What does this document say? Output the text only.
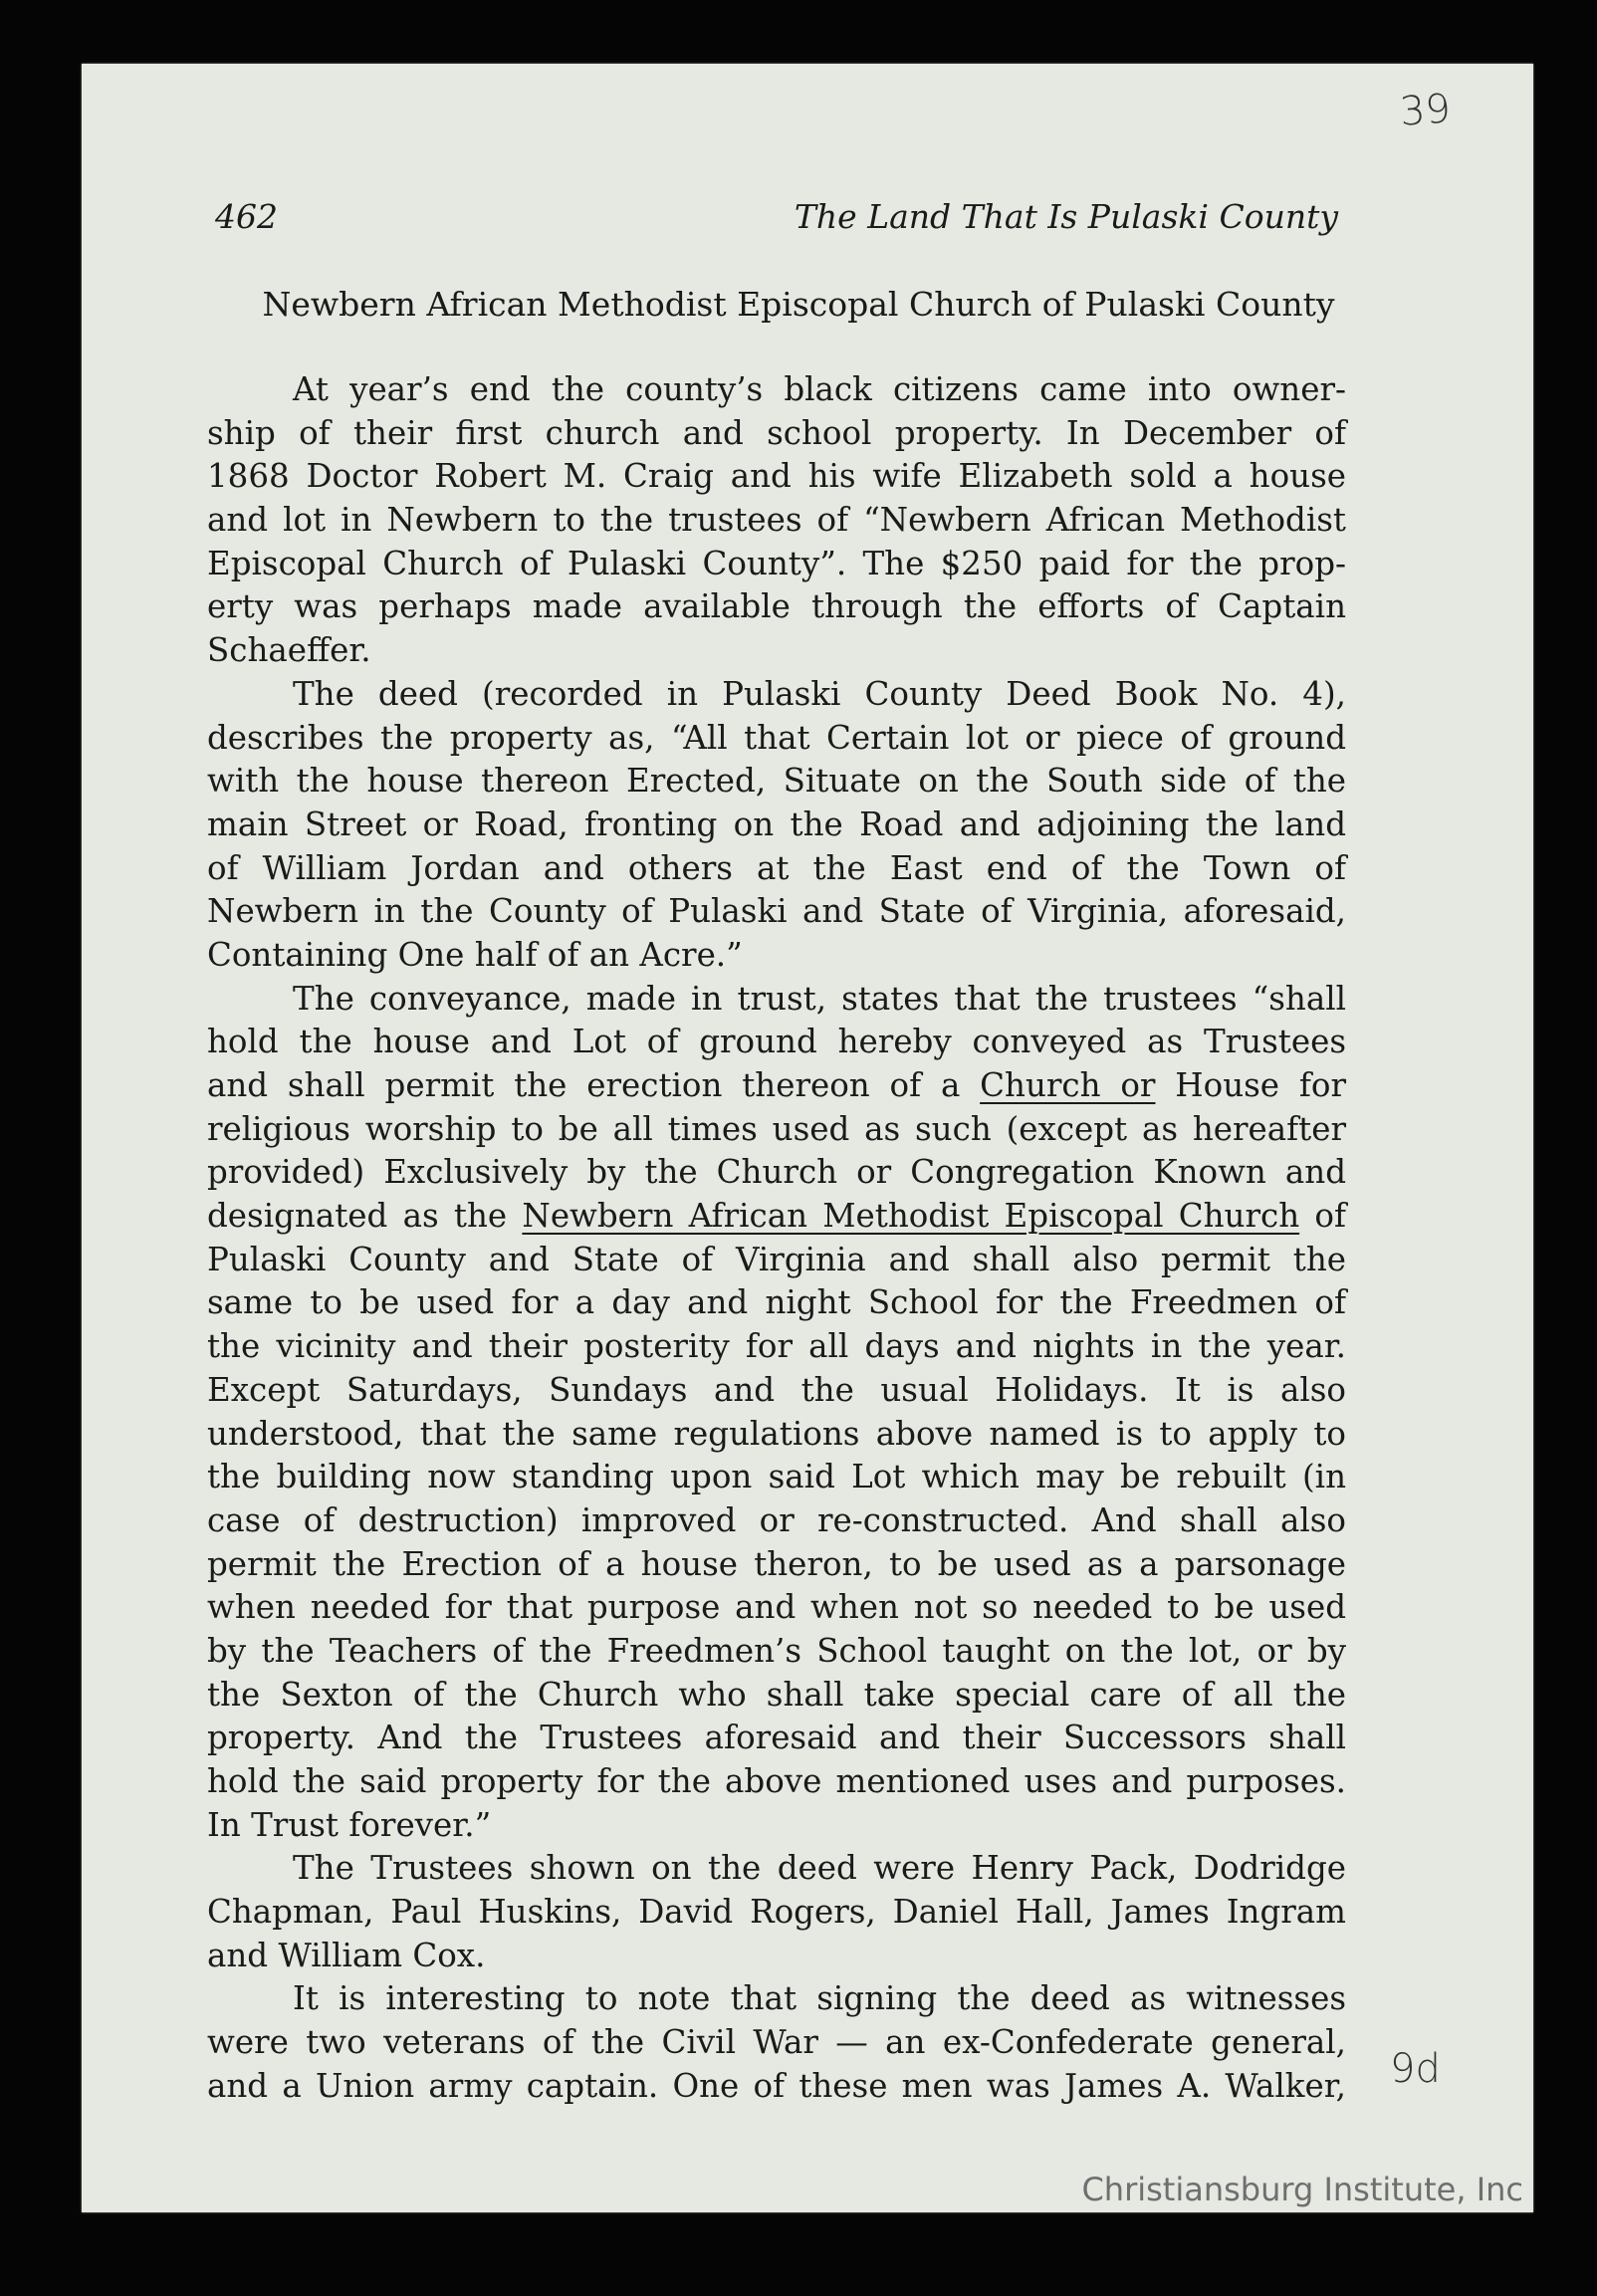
462	The Land That Is Pulaski County
Newbern African Methodist Episcopal Church of Pulaski County
At year’s end the county’s black citizens came into owner-
ship of their first church and school property. In December of
1868 Doctor Robert M. Craig and his wife Elizabeth sold a house
and lot in Newbern to the trustees of “Newbern African Methodist
Episcopal Church of Pulaski County”. The $250 paid for the prop-
erty was perhaps made available through the efforts of Captain
Schaeffer.
The deed (recorded in Pulaski County Deed Book No. 4),
describes the property as, “All that Certain lot or piece of ground
with the house thereon Erected, Situate on the South side of the
main Street or Road, fronting on the Road and adjoining the land
of William Jordan and others at the East end of the Town of
Newbern in the County of Pulaski and State of Virginia, aforesaid,
Containing One half of an Acre.”
The conveyance, made in trust, states that the trustees “shall
hold the house and Lot of ground hereby conveyed as Trustees
and shall permit the erection thereon of a Church or House for
religious worship to be all times used as such (except as hereafter
provided) Exclusively by the Church or Congregation Known and
designated as the Newbern African Methodist Episcopal Church of
Pulaski County and State of Virginia and shall also permit the
same to be used for a day and night School for the Freedmen of
the vicinity and their posterity for all days and nights in the year.
Except Saturdays, Sundays and the usual Holidays. It is also
understood, that the same regulations above named is to apply to
the building now standing upon said Lot which may be rebuilt (in
case of destruction) improved or re-constructed. And shall also
permit the Erection of a house theron, to be used as a parsonage
when needed for that purpose and when not so needed to be used
by the Teachers of the Freedmen’s School taught on the lot, or by
the Sexton of the Church who shall take special care of all the
property. And the Trustees aforesaid and their Successors shall
hold the said property for the above mentioned uses and purposes.
In Trust forever.”
The Trustees shown on the deed were Henry Pack, Dodridge
Chapman, Paul Huskins, David Rogers, Daniel Hall, James Ingram
and William Cox.
It is interesting to note that signing the deed as witnesses
were two veterans of the Civil War — an ex-Confederate general,
and a Union army captain. One of these men was James A. Walker,
39
9d
Christiansburg Institute, Inc
